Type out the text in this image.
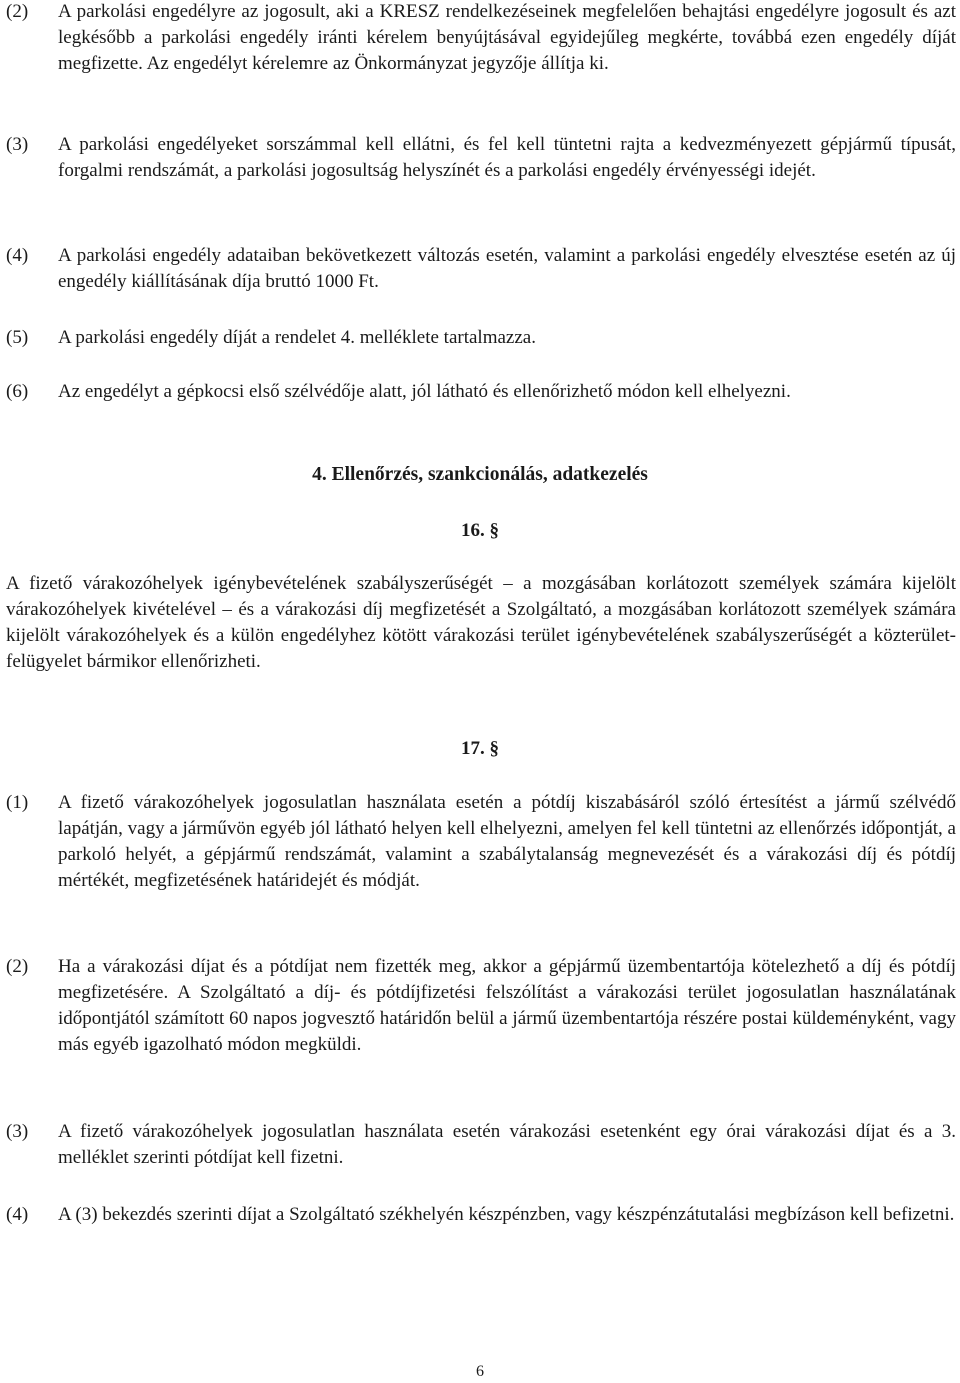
(2)	A parkolási engedélyre az jogosult, aki a KRESZ rendelkezéseinek megfelelően behajtási engedélyre jogosult és azt legkésőbb a parkolási engedély iránti kérelem benyújtásával egyidejűleg megkérte, továbbá ezen engedély díját megfizette. Az engedélyt kérelemre az Önkormányzat jegyzője állítja ki.
(3)	A parkolási engedélyeket sorszámmal kell ellátni, és fel kell tüntetni rajta a kedvezményezett gépjármű típusát, forgalmi rendszámát, a parkolási jogosultság helyszínét és a parkolási engedély érvényességi idejét.
(4)	A parkolási engedély adataiban bekövetkezett változás esetén, valamint a parkolási engedély elvesztése esetén az új engedély kiállításának díja bruttó 1000 Ft.
(5)	A parkolási engedély díját a rendelet 4. melléklete tartalmazza.
(6)	Az engedélyt a gépkocsi első szélvédője alatt, jól látható és ellenőrizhető módon kell elhelyezni.
4. Ellenőrzés, szankcionálás, adatkezelés
16. §
A fizető várakozóhelyek igénybevételének szabályszerűségét – a mozgásában korlátozott személyek számára kijelölt várakozóhelyek kivételével – és a várakozási díj megfizetését a Szolgáltató, a mozgásában korlátozott személyek számára kijelölt várakozóhelyek és a külön engedélyhez kötött várakozási terület igénybevételének szabályszerűségét a közterület-felügyelet bármikor ellenőrizheti.
17. §
(1)	A fizető várakozóhelyek jogosulatlan használata esetén a pótdíj kiszabásáról szóló értesítést a jármű szélvédő lapátján, vagy a járművön egyéb jól látható helyen kell elhelyezni, amelyen fel kell tüntetni az ellenőrzés időpontját, a parkoló helyét, a gépjármű rendszámát, valamint a szabálytalanság megnevezését és a várakozási díj és pótdíj mértékét, megfizetésének határidejét és módját.
(2)	Ha a várakozási díjat és a pótdíjat nem fizették meg, akkor a gépjármű üzembentartója kötelezhető a díj és pótdíj megfizetésére. A Szolgáltató a díj- és pótdíjfizetési felszólítást a várakozási terület jogosulatlan használatának időpontjától számított 60 napos jogvesztő határidőn belül a jármű üzembentartója részére postai küldeményként, vagy más egyéb igazolható módon megküldi.
(3)	A fizető várakozóhelyek jogosulatlan használata esetén várakozási esetenként egy órai várakozási díjat és a 3. melléklet szerinti pótdíjat kell fizetni.
(4)	A (3) bekezdés szerinti díjat a Szolgáltató székhelyén készpénzben, vagy készpénzátutalási megbízáson kell befizetni.
6
